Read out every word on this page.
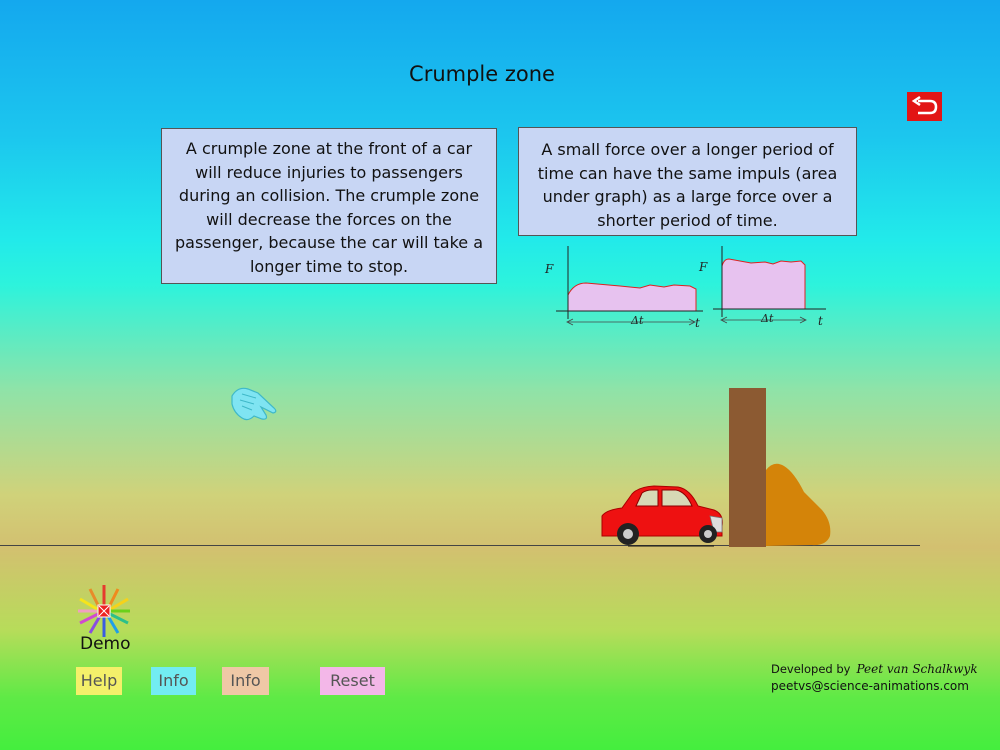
Crumple zone
A crumple zone at the front of a car will reduce injuries to passengers during an collision. The crumple zone will decrease the forces on the passenger, because the car will take a longer time to stop.
A small force over a longer period of time can have the same impuls (area under graph) as a large force over a shorter period of time.
F
t
Δt
F
t
Δt
Demo
Help	Info	Info	Reset
Developed by Peet van Schalkwyk
peetvs@science-animations.com
